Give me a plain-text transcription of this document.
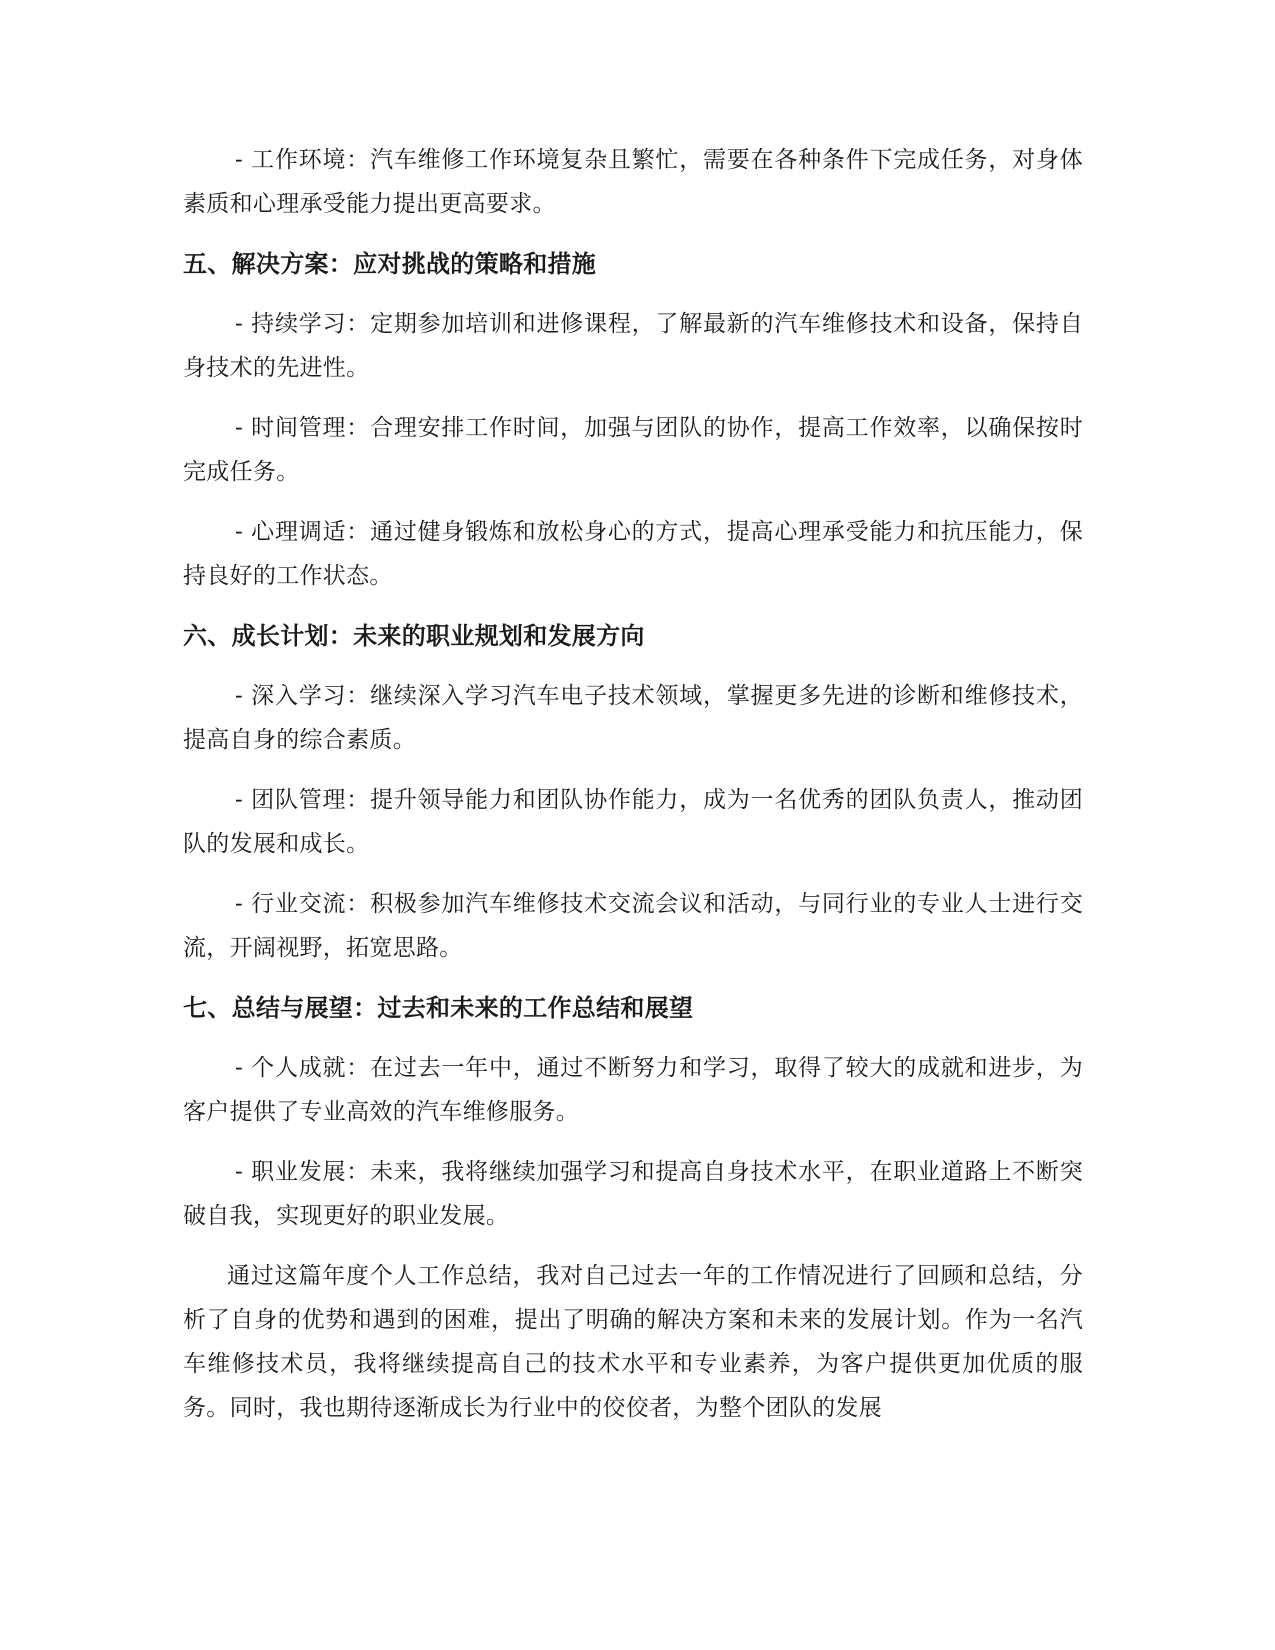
- 工作环境：汽车维修工作环境复杂且繁忙，需要在各种条件下完成任务，对身体素质和心理承受能力提出更高要求。

五、解决方案：应对挑战的策略和措施

- 持续学习：定期参加培训和进修课程，了解最新的汽车维修技术和设备，保持自身技术的先进性。

- 时间管理：合理安排工作时间，加强与团队的协作，提高工作效率，以确保按时完成任务。

- 心理调适：通过健身锻炼和放松身心的方式，提高心理承受能力和抗压能力，保持良好的工作状态。

六、成长计划：未来的职业规划和发展方向

- 深入学习：继续深入学习汽车电子技术领域，掌握更多先进的诊断和维修技术，提高自身的综合素质。

- 团队管理：提升领导能力和团队协作能力，成为一名优秀的团队负责人，推动团队的发展和成长。

- 行业交流：积极参加汽车维修技术交流会议和活动，与同行业的专业人士进行交流，开阔视野，拓宽思路。

七、总结与展望：过去和未来的工作总结和展望

- 个人成就：在过去一年中，通过不断努力和学习，取得了较大的成就和进步，为客户提供了专业高效的汽车维修服务。

- 职业发展：未来，我将继续加强学习和提高自身技术水平，在职业道路上不断突破自我，实现更好的职业发展。

通过这篇年度个人工作总结，我对自己过去一年的工作情况进行了回顾和总结，分析了自身的优势和遇到的困难，提出了明确的解决方案和未来的发展计划。作为一名汽车维修技术员，我将继续提高自己的技术水平和专业素养，为客户提供更加优质的服务。同时，我也期待逐渐成长为行业中的佼佼者，为整个团队的发展
